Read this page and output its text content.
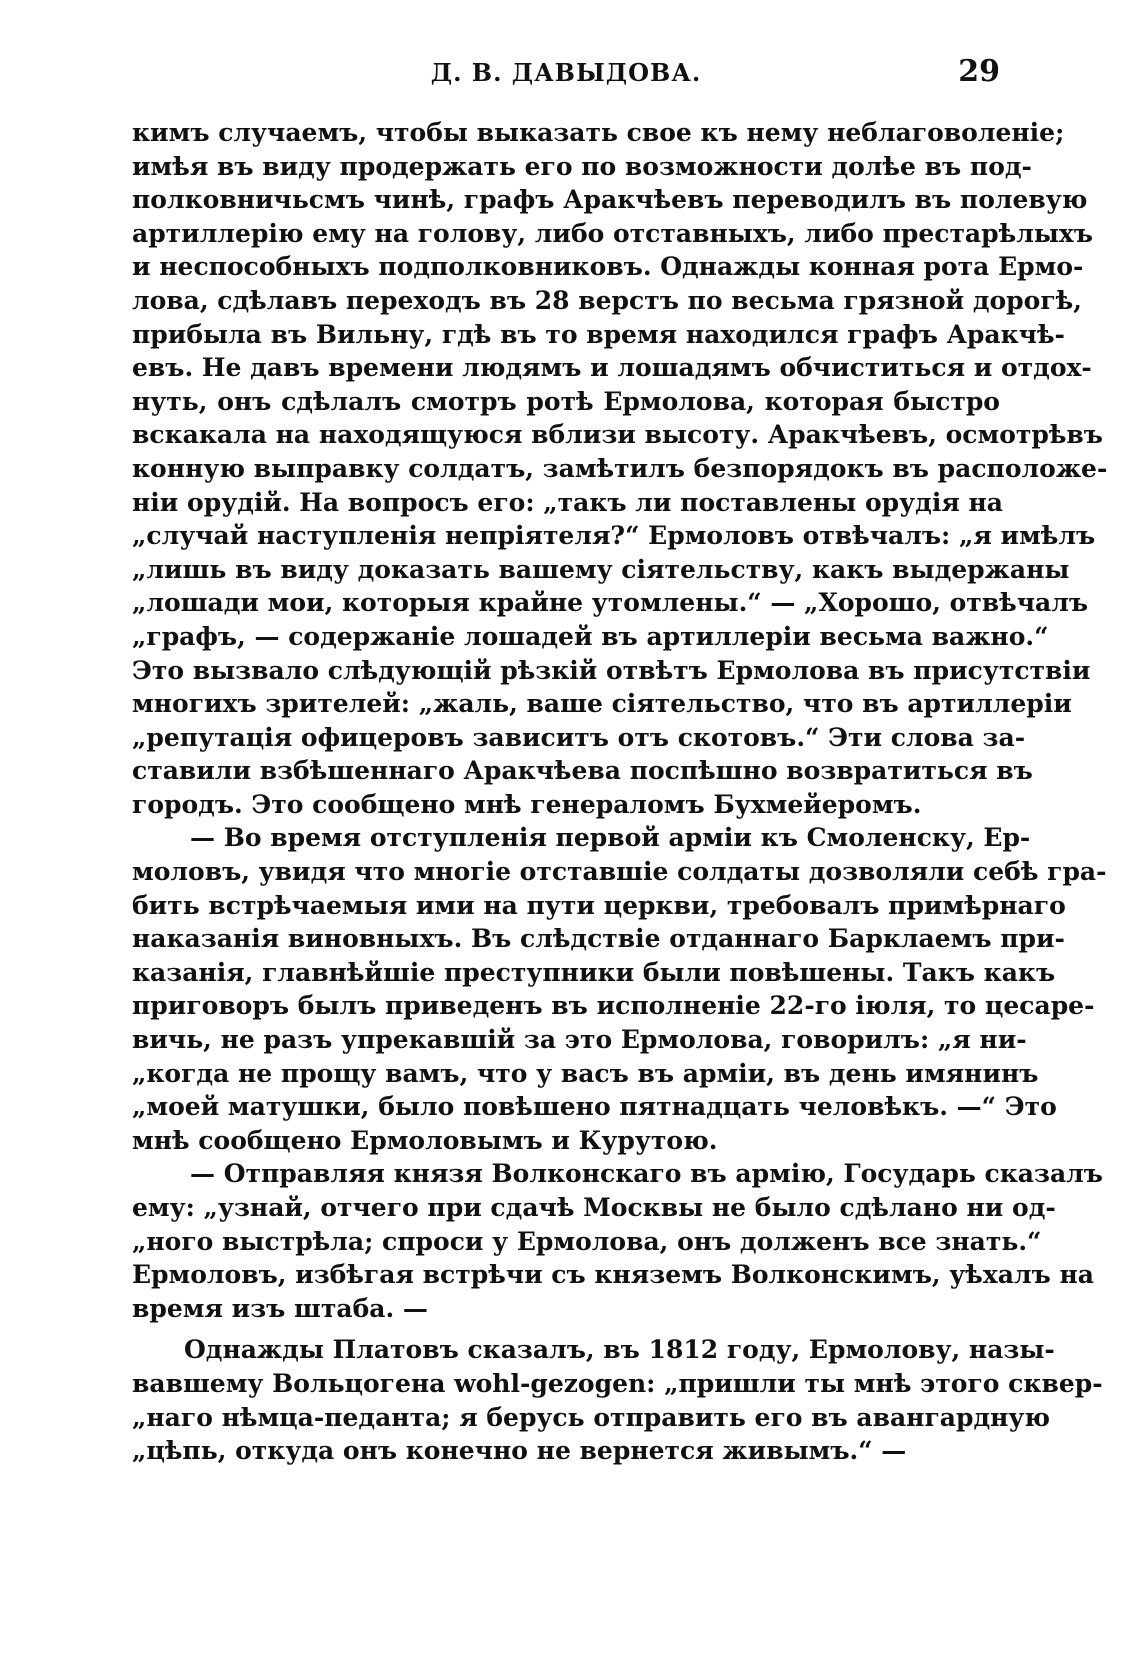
Д. В. ДАВЫДОВА.	29
кимъ случаемъ, чтобы выказать свое къ нему неблаговоленіе;
имѣя въ виду продержать его по возможности долѣе въ под-
полковничьсмъ чинѣ, графъ Аракчѣевъ переводилъ въ полевую
артиллерію ему на голову, либо отставныхъ, либо престарѣлыхъ
и неспособныхъ подполковниковъ. Однажды конная рота Ермо-
лова, сдѣлавъ переходъ въ 28 верстъ по весьма грязной дорогѣ,
прибыла въ Вильну, гдѣ въ то время находился графъ Аракчѣ-
евъ. Не давъ времени людямъ и лошадямъ обчиститься и отдох-
нуть, онъ сдѣлалъ смотръ ротѣ Ермолова, которая быстро
вскакала на находящуюся вблизи высоту. Аракчѣевъ, осмотрѣвъ
конную выправку солдатъ, замѣтилъ безпорядокъ въ расположе-
ніи орудій. На вопросъ его: „такъ ли поставлены орудія на
„случай наступленія непріятеля?“ Ермоловъ отвѣчалъ: „я имѣлъ
„лишь въ виду доказать вашему сіятельству, какъ выдержаны
„лошади мои, которыя крайне утомлены.“ — „Хорошо, отвѣчалъ
„графъ, — содержаніе лошадей въ артиллеріи весьма важно.“
Это вызвало слѣдующій рѣзкій отвѣтъ Ермолова въ присутствіи
многихъ зрителей: „жаль, ваше сіятельство, что въ артиллеріи
„репутація офицеровъ зависитъ отъ скотовъ.“ Эти слова за-
ставили взбѣшеннаго Аракчѣева поспѣшно возвратиться въ
городъ. Это сообщено мнѣ генераломъ Бухмейеромъ.
— Во время отступленія первой арміи къ Смоленску, Ер-
моловъ, увидя что многіе отставшіе солдаты дозволяли себѣ гра-
бить встрѣчаемыя ими на пути церкви, требовалъ примѣрнаго
наказанія виновныхъ. Въ слѣдствіе отданнаго Барклаемъ при-
казанія, главнѣйшіе преступники были повѣшены. Такъ какъ
приговоръ былъ приведенъ въ исполненіе 22-го іюля, то цесаре-
вичь, не разъ упрекавшій за это Ермолова, говорилъ: „я ни-
„когда не прощу вамъ, что у васъ въ арміи, въ день имянинъ
„моей матушки, было повѣшено пятнадцать человѣкъ. —“ Это
мнѣ сообщено Ермоловымъ и Курутою.
— Отправляя князя Волконскаго въ армію, Государь сказалъ
ему: „узнай, отчего при сдачѣ Москвы не было сдѣлано ни од-
„ного выстрѣла; спроси у Ермолова, онъ долженъ все знать.“
Ермоловъ, избѣгая встрѣчи съ княземъ Волконскимъ, уѣхалъ на
время изъ штаба. —
Однажды Платовъ сказалъ, въ 1812 году, Ермолову, назы-
вавшему Вольцогена wohl-gezogen: „пришли ты мнѣ этого сквер-
„наго нѣмца-педанта; я берусь отправить его въ авангардную
„цѣпь, откуда онъ конечно не вернется живымъ.“ —
